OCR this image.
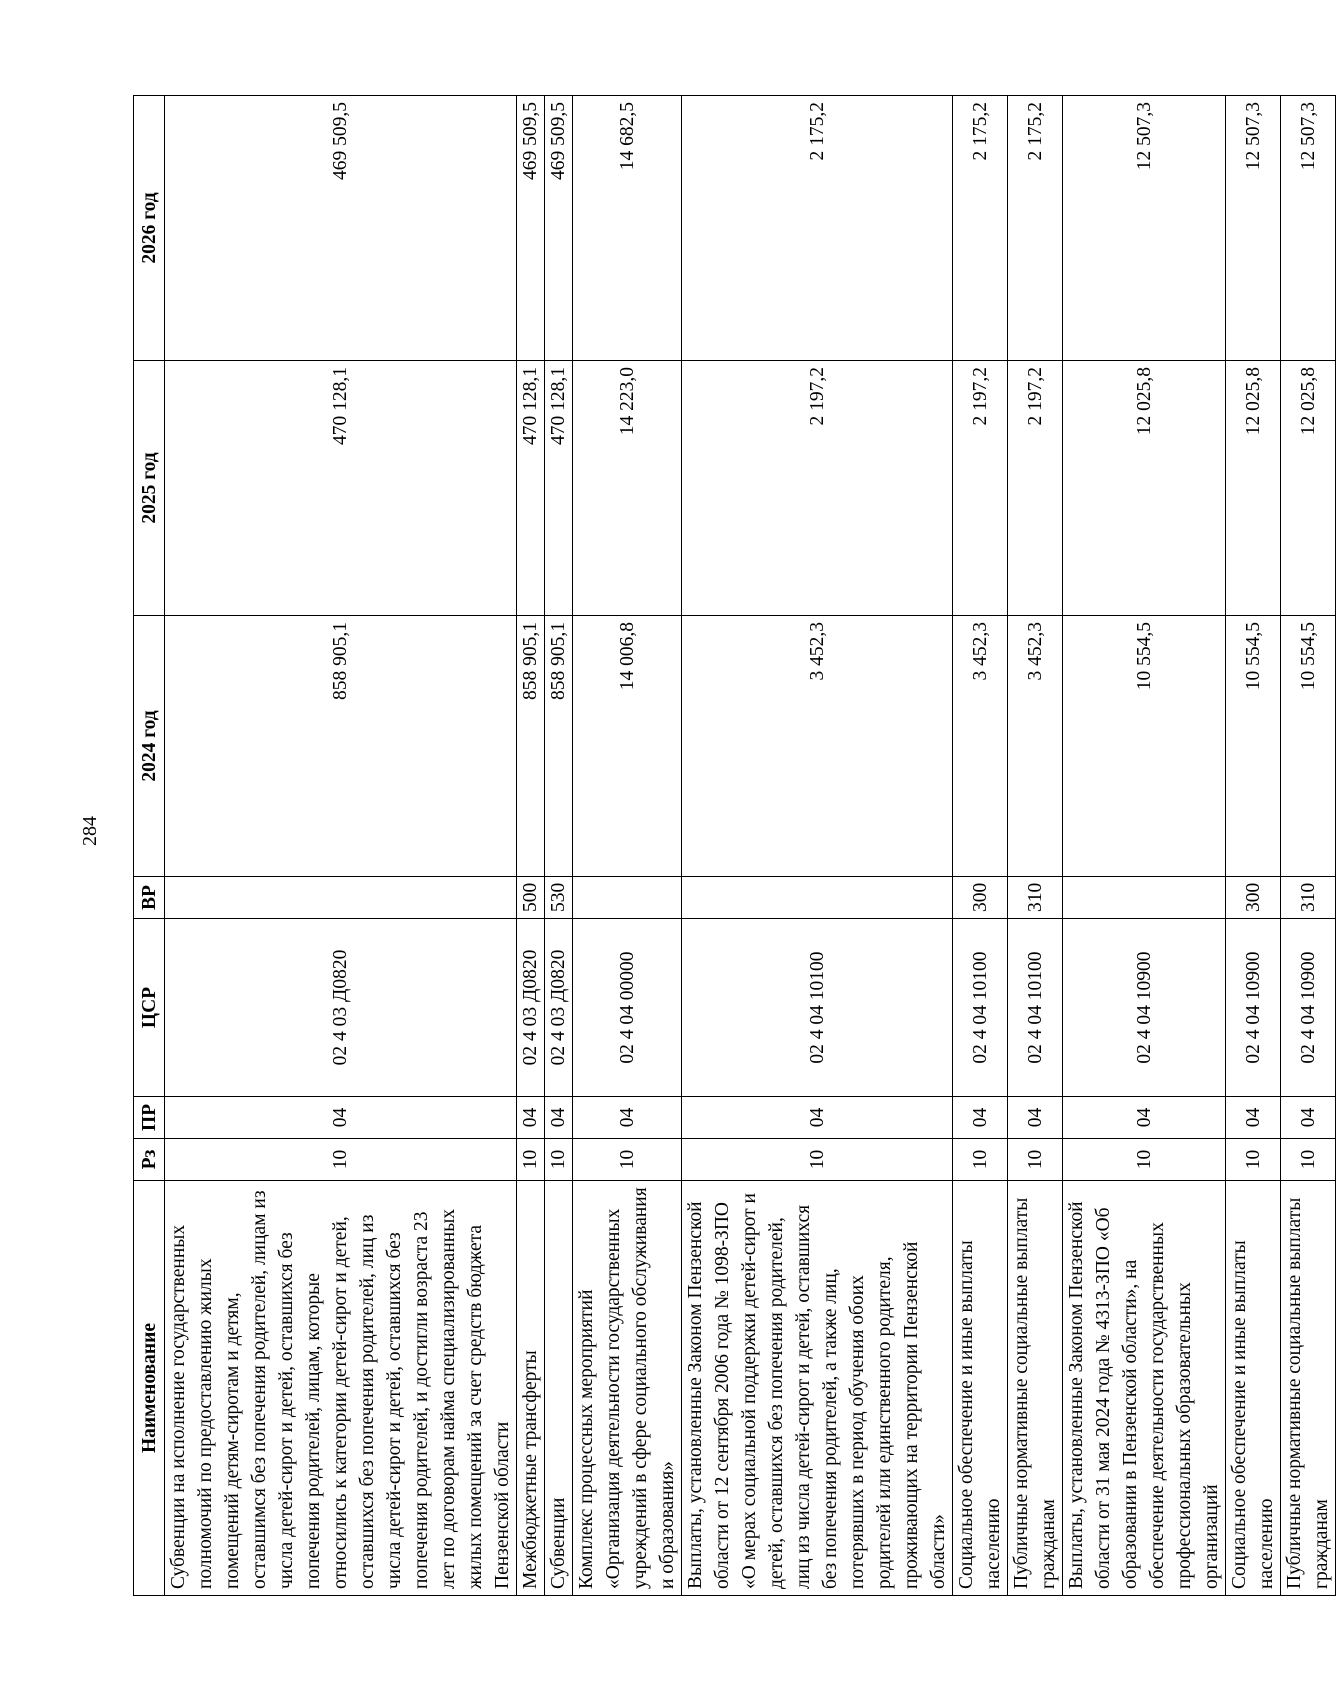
284
Наименование	Рз	ПР	ЦСР	ВР	2024 год	2025 год	2026 год
Субвенции на исполнение государственных полномочий по предоставлению жилых помещений детям-сиротам и детям, оставшимся без попечения родителей, лицам из числа детей-сирот и детей, оставшихся без попечения родителей, лицам, которые относились к категории детей-сирот и детей, оставшихся без попечения родителей, лиц из числа детей-сирот и детей, оставшихся без попечения родителей, и достигли возраста 23 лет по договорам найма специализированных жилых помещений за счет средств бюджета Пензенской области	10	04	02 4 03 Д0820		858 905,1	470 128,1	469 509,5
Межбюджетные трансферты	10	04	02 4 03 Д0820	500	858 905,1	470 128,1	469 509,5
Субвенции	10	04	02 4 03 Д0820	530	858 905,1	470 128,1	469 509,5
Комплекс процессных мероприятий «Организация деятельности государственных учреждений в сфере социального обслуживания и образования»	10	04	02 4 04 00000		14 006,8	14 223,0	14 682,5
Выплаты, установленные Законом Пензенской области от 12 сентября 2006 года № 1098-ЗПО «О мерах социальной поддержки детей-сирот и детей, оставшихся без попечения родителей, лиц из числа детей-сирот и детей, оставшихся без попечения родителей, а также лиц, потерявших в период обучения обоих родителей или единственного родителя, проживающих на территории Пензенской области»	10	04	02 4 04 10100		3 452,3	2 197,2	2 175,2
Социальное обеспечение и иные выплаты населению	10	04	02 4 04 10100	300	3 452,3	2 197,2	2 175,2
Публичные нормативные социальные выплаты гражданам	10	04	02 4 04 10100	310	3 452,3	2 197,2	2 175,2
Выплаты, установленные Законом Пензенской области от 31 мая 2024 года № 4313-ЗПО «Об образовании в Пензенской области», на обеспечение деятельности государственных профессиональных образовательных организаций	10	04	02 4 04 10900		10 554,5	12 025,8	12 507,3
Социальное обеспечение и иные выплаты населению	10	04	02 4 04 10900	300	10 554,5	12 025,8	12 507,3
Публичные нормативные социальные выплаты гражданам	10	04	02 4 04 10900	310	10 554,5	12 025,8	12 507,3
